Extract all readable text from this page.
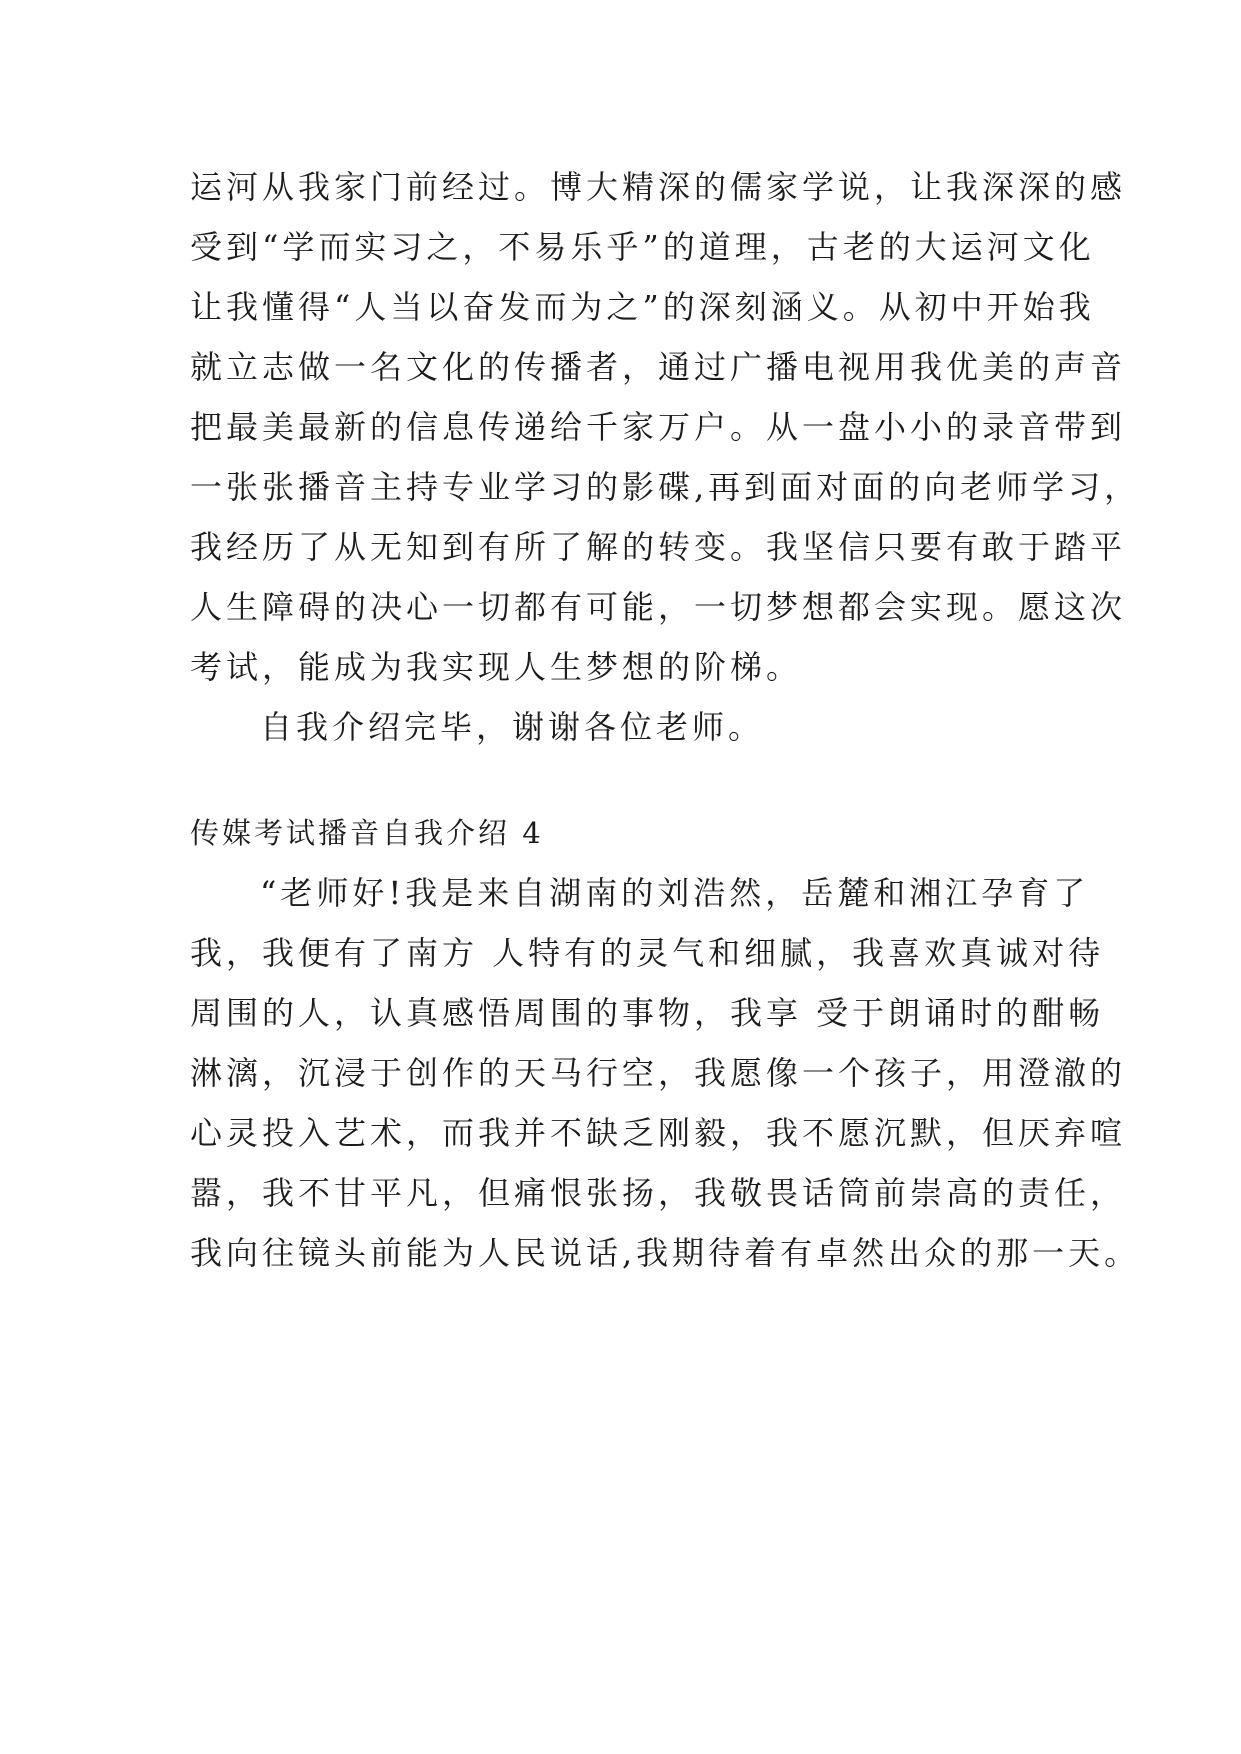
运河从我家门前经过。博大精深的儒家学说，让我深深的感
受到“学而实习之，不易乐乎”的道理，古老的大运河文化
让我懂得“人当以奋发而为之”的深刻涵义。从初中开始我
就立志做一名文化的传播者，通过广播电视用我优美的声音
把最美最新的信息传递给千家万户。从一盘小小的录音带到
一张张播音主持专业学习的影碟,再到面对面的向老师学习，
我经历了从无知到有所了解的转变。我坚信只要有敢于踏平
人生障碍的决心一切都有可能，一切梦想都会实现。愿这次
考试，能成为我实现人生梦想的阶梯。
自我介绍完毕，谢谢各位老师。
传媒考试播音自我介绍 4
“老师好!我是来自湖南的刘浩然，岳麓和湘江孕育了
我，我便有了南方 人特有的灵气和细腻，我喜欢真诚对待
周围的人，认真感悟周围的事物，我享 受于朗诵时的酣畅
淋漓，沉浸于创作的天马行空，我愿像一个孩子，用澄澈的
心灵投入艺术，而我并不缺乏刚毅，我不愿沉默，但厌弃喧
嚣，我不甘平凡，但痛恨张扬，我敬畏话筒前崇高的责任，
我向往镜头前能为人民说话,我期待着有卓然出众的那一天。
